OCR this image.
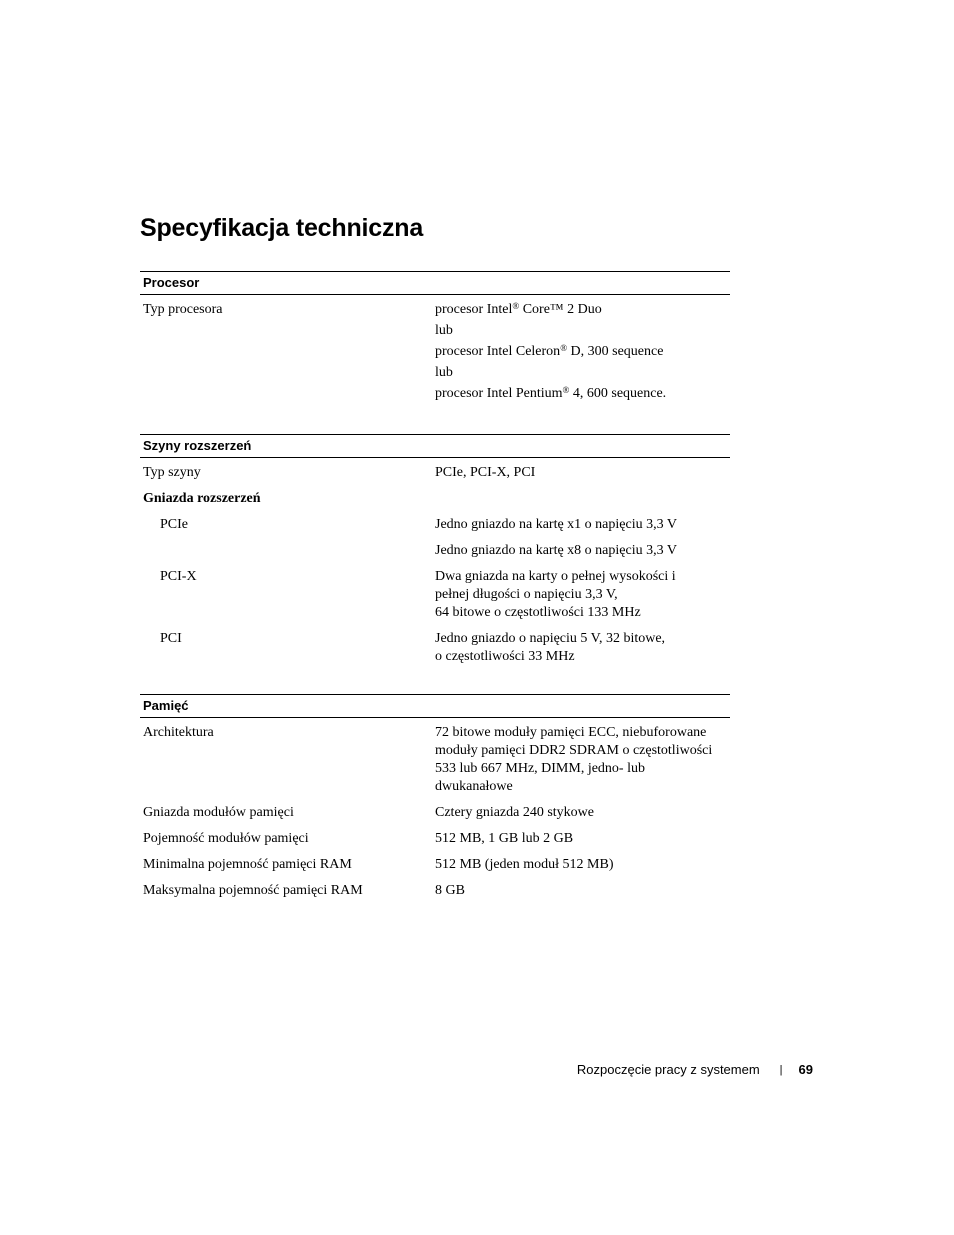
Specyfikacja techniczna
Procesor
Typ procesora	procesor Intel® Core™ 2 Duo
lub
procesor Intel Celeron® D, 300 sequence
lub
procesor Intel Pentium® 4, 600 sequence.
Szyny rozszerzeń
Typ szyny	PCIe, PCI-X, PCI
Gniazda rozszerzeń
PCIe	Jedno gniazdo na kartę x1 o napięciu 3,3 V
Jedno gniazdo na kartę x8 o napięciu 3,3 V
PCI-X	Dwa gniazda na karty o pełnej wysokości i
pełnej długości o napięciu 3,3 V,
64 bitowe o częstotliwości 133 MHz
PCI	Jedno gniazdo o napięciu 5 V, 32 bitowe,
o częstotliwości 33 MHz
Pamięć
Architektura	72 bitowe moduły pamięci ECC, niebuforowane
moduły pamięci DDR2 SDRAM o częstotliwości
533 lub 667 MHz, DIMM, jedno- lub
dwukanałowe
Gniazda modułów pamięci	Cztery gniazda 240 stykowe
Pojemność modułów pamięci	512 MB, 1 GB lub 2 GB
Minimalna pojemność pamięci RAM	512 MB (jeden moduł 512 MB)
Maksymalna pojemność pamięci RAM	8 GB
Rozpoczęcie pracy z systemem | 69
